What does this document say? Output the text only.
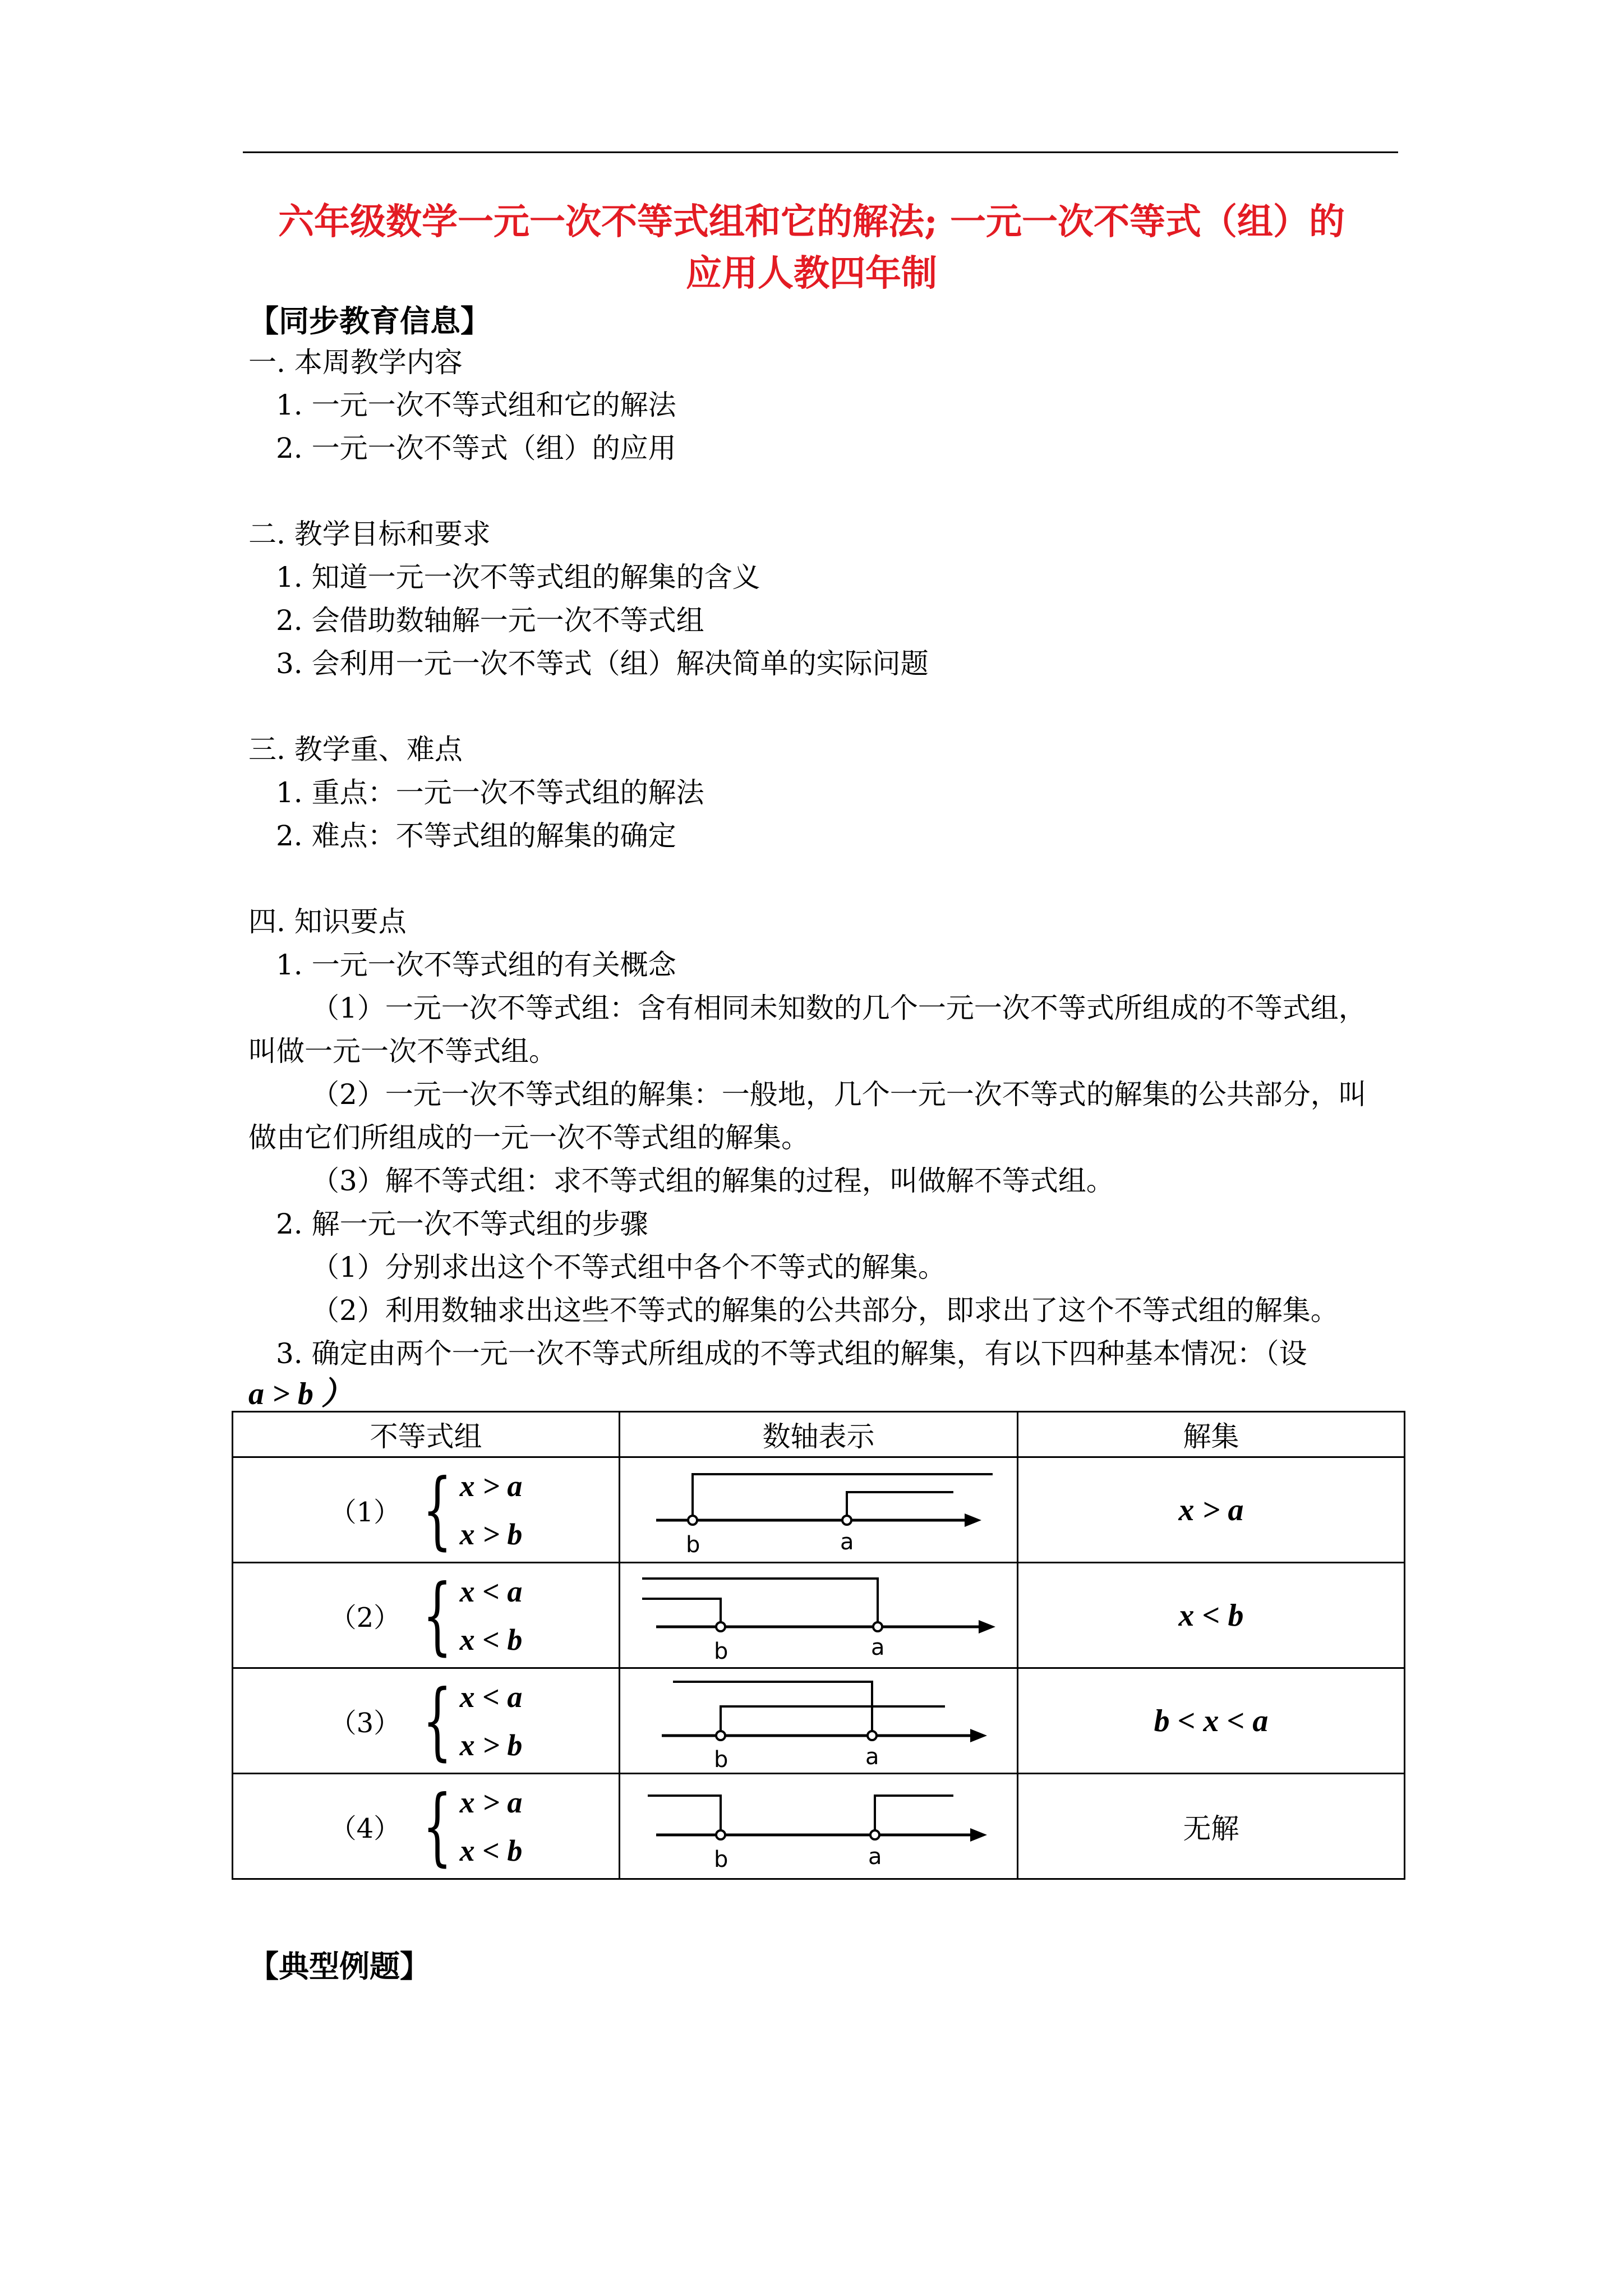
六年级数学一元一次不等式组和它的解法; 一元一次不等式（组）的
应用人教四年制
【同步教育信息】
一. 本周教学内容
1. 一元一次不等式组和它的解法
2. 一元一次不等式（组）的应用
二. 教学目标和要求
1. 知道一元一次不等式组的解集的含义
2. 会借助数轴解一元一次不等式组
3. 会利用一元一次不等式（组）解决简单的实际问题
三. 教学重、难点
1. 重点：一元一次不等式组的解法
2. 难点：不等式组的解集的确定
四. 知识要点
1. 一元一次不等式组的有关概念
（1）一元一次不等式组：含有相同未知数的几个一元一次不等式所组成的不等式组，
叫做一元一次不等式组。
（2）一元一次不等式组的解集：一般地，几个一元一次不等式的解集的公共部分，叫
做由它们所组成的一元一次不等式组的解集。
（3）解不等式组：求不等式组的解集的过程，叫做解不等式组。
2. 解一元一次不等式组的步骤
（1）分别求出这个不等式组中各个不等式的解集。
（2）利用数轴求出这些不等式的解集的公共部分，即求出了这个不等式组的解集。
3. 确定由两个一元一次不等式所组成的不等式组的解集，有以下四种基本情况：（设
a > b ）
不等式组	数轴表示	解集

（1） { x > a
x > b	b a	x > a

（2） { x < a
x < b	b a	x < b

（3） { x < a
x > b	b a	b < x < a

（4） { x > a
x < b	b a	无解
【典型例题】
